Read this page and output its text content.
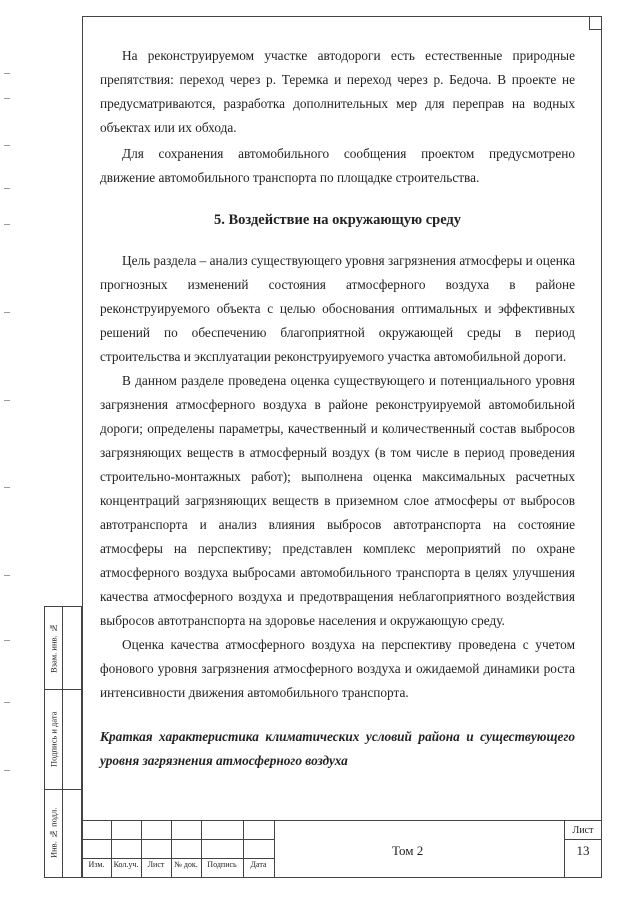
На реконструируемом участке автодороги есть естественные природные препятствия: переход через р. Теремка и переход через р. Бедоча. В проекте не предусматриваются, разработка дополнительных мер для переправ на водных объектах или их обхода.

Для сохранения автомобильного сообщения проектом предусмотрено движение автомобильного транспорта по площадке строительства.

5. Воздействие на окружающую среду

Цель раздела – анализ существующего уровня загрязнения атмосферы и оценка прогнозных изменений состояния атмосферного воздуха в районе реконструируемого объекта с целью обоснования оптимальных и эффективных решений по обеспечению благоприятной окружающей среды в период строительства и эксплуатации реконструируемого участка автомобильной дороги.

В данном разделе проведена оценка существующего и потенциального уровня загрязнения атмосферного воздуха в районе реконструируемой автомобильной дороги; определены параметры, качественный и количественный состав выбросов загрязняющих веществ в атмосферный воздух (в том числе в период проведения строительно-монтажных работ); выполнена оценка максимальных расчетных концентраций загрязняющих веществ в приземном слое атмосферы от выбросов автотранспорта и анализ влияния выбросов автотранспорта на состояние атмосферы на перспективу; представлен комплекс мероприятий по охране атмосферного воздуха выбросами автомобильного транспорта в целях улучшения качества атмосферного воздуха и предотвращения неблагоприятного воздействия выбросов автотранспорта на здоровье населения и окружающую среду.

Оценка качества атмосферного воздуха на перспективу проведена с учетом фонового уровня загрязнения атмосферного воздуха и ожидаемой динамики роста интенсивности движения автомобильного транспорта.

Краткая характеристика климатических условий района и существующего уровня загрязнения атмосферного воздуха

Взам. инв. №
Подпись и дата
Инв. № подл.
Изм.	Кол.уч.	Лист	№ док.	Подпись	Дата
Том 2
Лист
13
